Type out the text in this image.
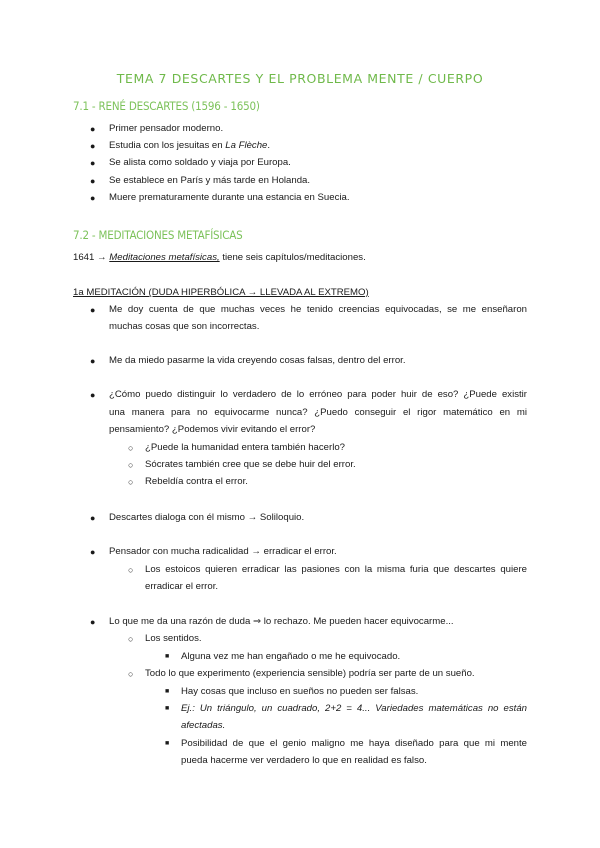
TEMA 7 DESCARTES Y EL PROBLEMA MENTE / CUERPO
7.1 - RENÉ DESCARTES (1596 - 1650)
● Primer pensador moderno.
● Estudia con los jesuitas en La Flèche.
● Se alista como soldado y viaja por Europa.
● Se establece en París y más tarde en Holanda.
● Muere prematuramente durante una estancia en Suecia.
7.2 - MEDITACIONES METAFÍSICAS
1641 → Meditaciones metafísicas, tiene seis capítulos/meditaciones.
1a MEDITACIÓN (DUDA HIPERBÓLICA → LLEVADA AL EXTREMO)
● Me doy cuenta de que muchas veces he tenido creencias equivocadas, se me enseñaron
muchas cosas que son incorrectas.
● Me da miedo pasarme la vida creyendo cosas falsas, dentro del error.
● ¿Cómo puedo distinguir lo verdadero de lo erróneo para poder huir de eso? ¿Puede existir
una manera para no equivocarme nunca? ¿Puedo conseguir el rigor matemático en mi
pensamiento? ¿Podemos vivir evitando el error?
○ ¿Puede la humanidad entera también hacerlo?
○ Sócrates también cree que se debe huir del error.
○ Rebeldía contra el error.
● Descartes dialoga con él mismo → Soliloquio.
● Pensador con mucha radicalidad → erradicar el error.
○ Los estoicos quieren erradicar las pasiones con la misma furia que descartes quiere
erradicar el error.
● Lo que me da una razón de duda ⇒ lo rechazo. Me pueden hacer equivocarme...
○ Los sentidos.
■ Alguna vez me han engañado o me he equivocado.
○ Todo lo que experimento (experiencia sensible) podría ser parte de un sueño.
■ Hay cosas que incluso en sueños no pueden ser falsas.
■ Ej.: Un triángulo, un cuadrado, 2+2 = 4... Variedades matemáticas no están
afectadas.
■ Posibilidad de que el genio maligno me haya diseñado para que mi mente
pueda hacerme ver verdadero lo que en realidad es falso.
